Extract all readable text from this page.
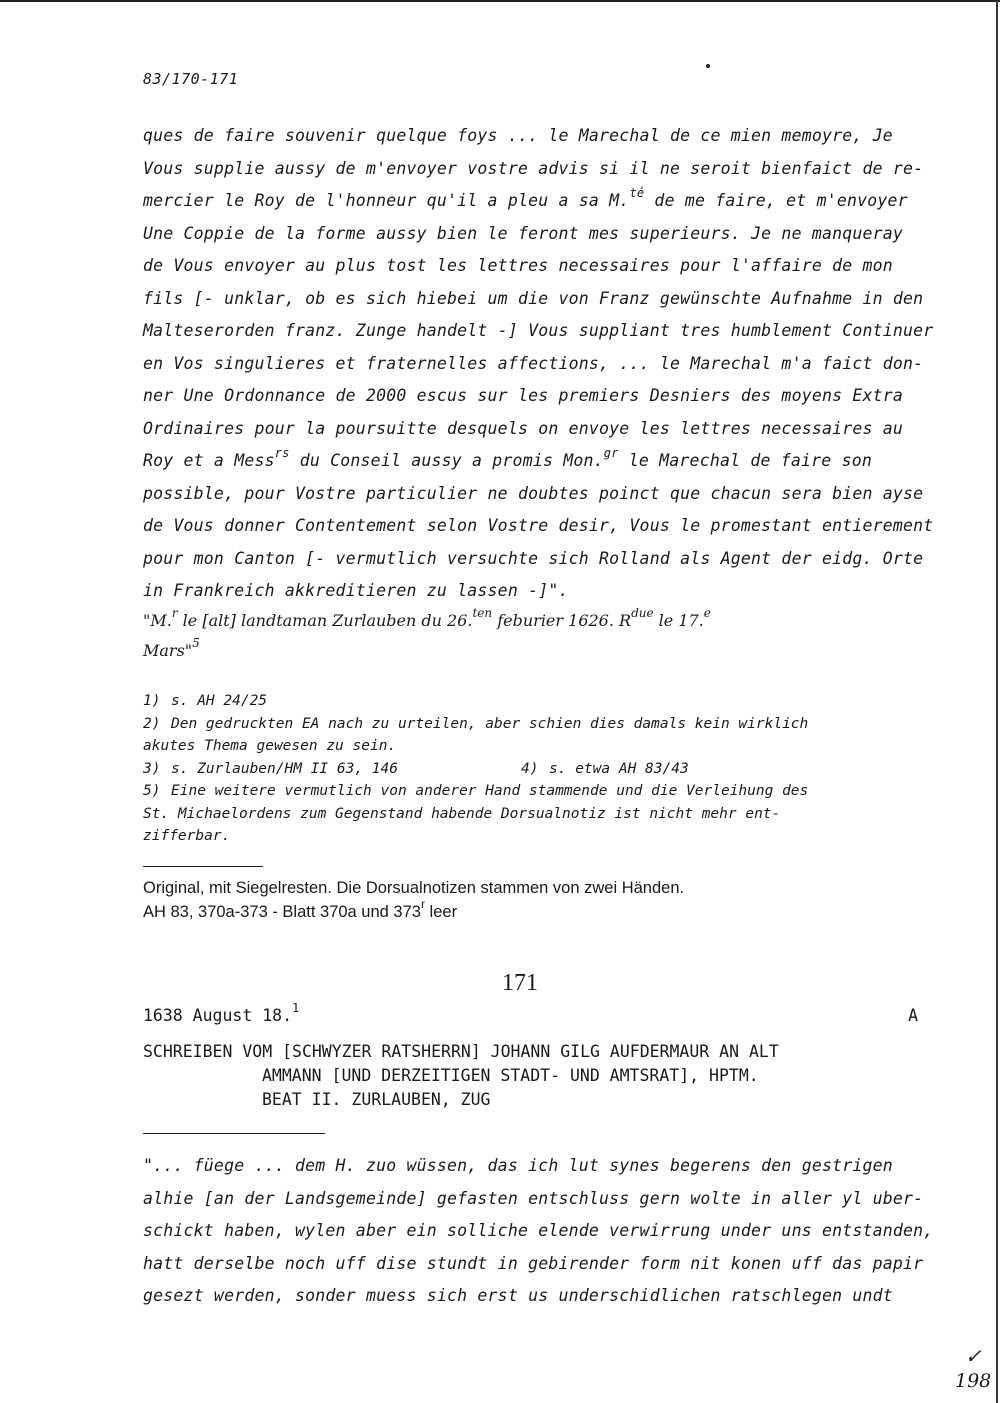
83/170-171
ques de faire souvenir quelque foys ... le Marechal de ce mien memoyre, Je
Vous supplie aussy de m'envoyer vostre advis si il ne seroit bienfaict de re-
mercier le Roy de l'honneur qu'il a pleu a sa M.$^{té}$ de me faire, et m'envoyer
Une Coppie de la forme aussy bien le feront mes superieurs. Je ne manqueray
de Vous envoyer au plus tost les lettres necessaires pour l'affaire de mon
fils [- unklar, ob es sich hiebei um die von Franz gewünschte Aufnahme in den
Malteserorden franz. Zunge handelt -] Vous suppliant tres humblement Continuer
en Vos singulieres et fraternelles affections, ... le Marechal m'a faict don-
ner Une Ordonnance de 2000 escus sur les premiers Desniers des moyens Extra
Ordinaires pour la poursuitte desquels on envoye les lettres necessaires au
Roy et a Mess$^{rs}$ du Conseil aussy a promis Mon.$^{gr}$ le Marechal de faire son
possible, pour Vostre particulier ne doubtes poinct que chacun sera bien ayse
de Vous donner Contentement selon Vostre desir, Vous le promestant entierement
pour mon Canton [- vermutlich versuchte sich Rolland als Agent der eidg. Orte
in Frankreich akkreditieren zu lassen -]".
"M.$^r$ le [alt] landtaman Zurlauben du 26.$^{ten}$ feburier 1626. $R^{due}$ le 17.$^e$
Mars"$^5$
1) s. AH 24/25
2) Den gedruckten EA nach zu urteilen, aber schien dies damals kein wirklich
akutes Thema gewesen zu sein.
3) s. Zurlauben/HM II 63, 146	4) s. etwa AH 83/43
5) Eine weitere vermutlich von anderer Hand stammende und die Verleihung des
St. Michaelordens zum Gegenstand habende Dorsualnotiz ist nicht mehr ent-
zifferbar.
Original, mit Siegelresten. Die Dorsualnotizen stammen von zwei Händen.
AH 83, 370a-373 - Blatt 370a und 373$^r$ leer
171
1638 August 18.$^1$	A
SCHREIBEN VOM [SCHWYZER RATSHERRN] JOHANN GILG AUFDERMAUR AN ALT
AMMANN [UND DERZEITIGEN STADT- UND AMTSRAT], HPTM.
BEAT II. ZURLAUBEN, ZUG
"... füege ... dem H. zuo wüssen, das ich lut synes begerens den gestrigen
alhie [an der Landsgemeinde] gefasten entschluss gern wolte in aller yl uber-
schickt haben, wylen aber ein solliche elende verwirrung under uns entstanden,
hatt derselbe noch uff dise stundt in gebirender form nit konen uff das papir
gesezt werden, sonder muess sich erst us underschidlichen ratschlegen undt
✓
198
